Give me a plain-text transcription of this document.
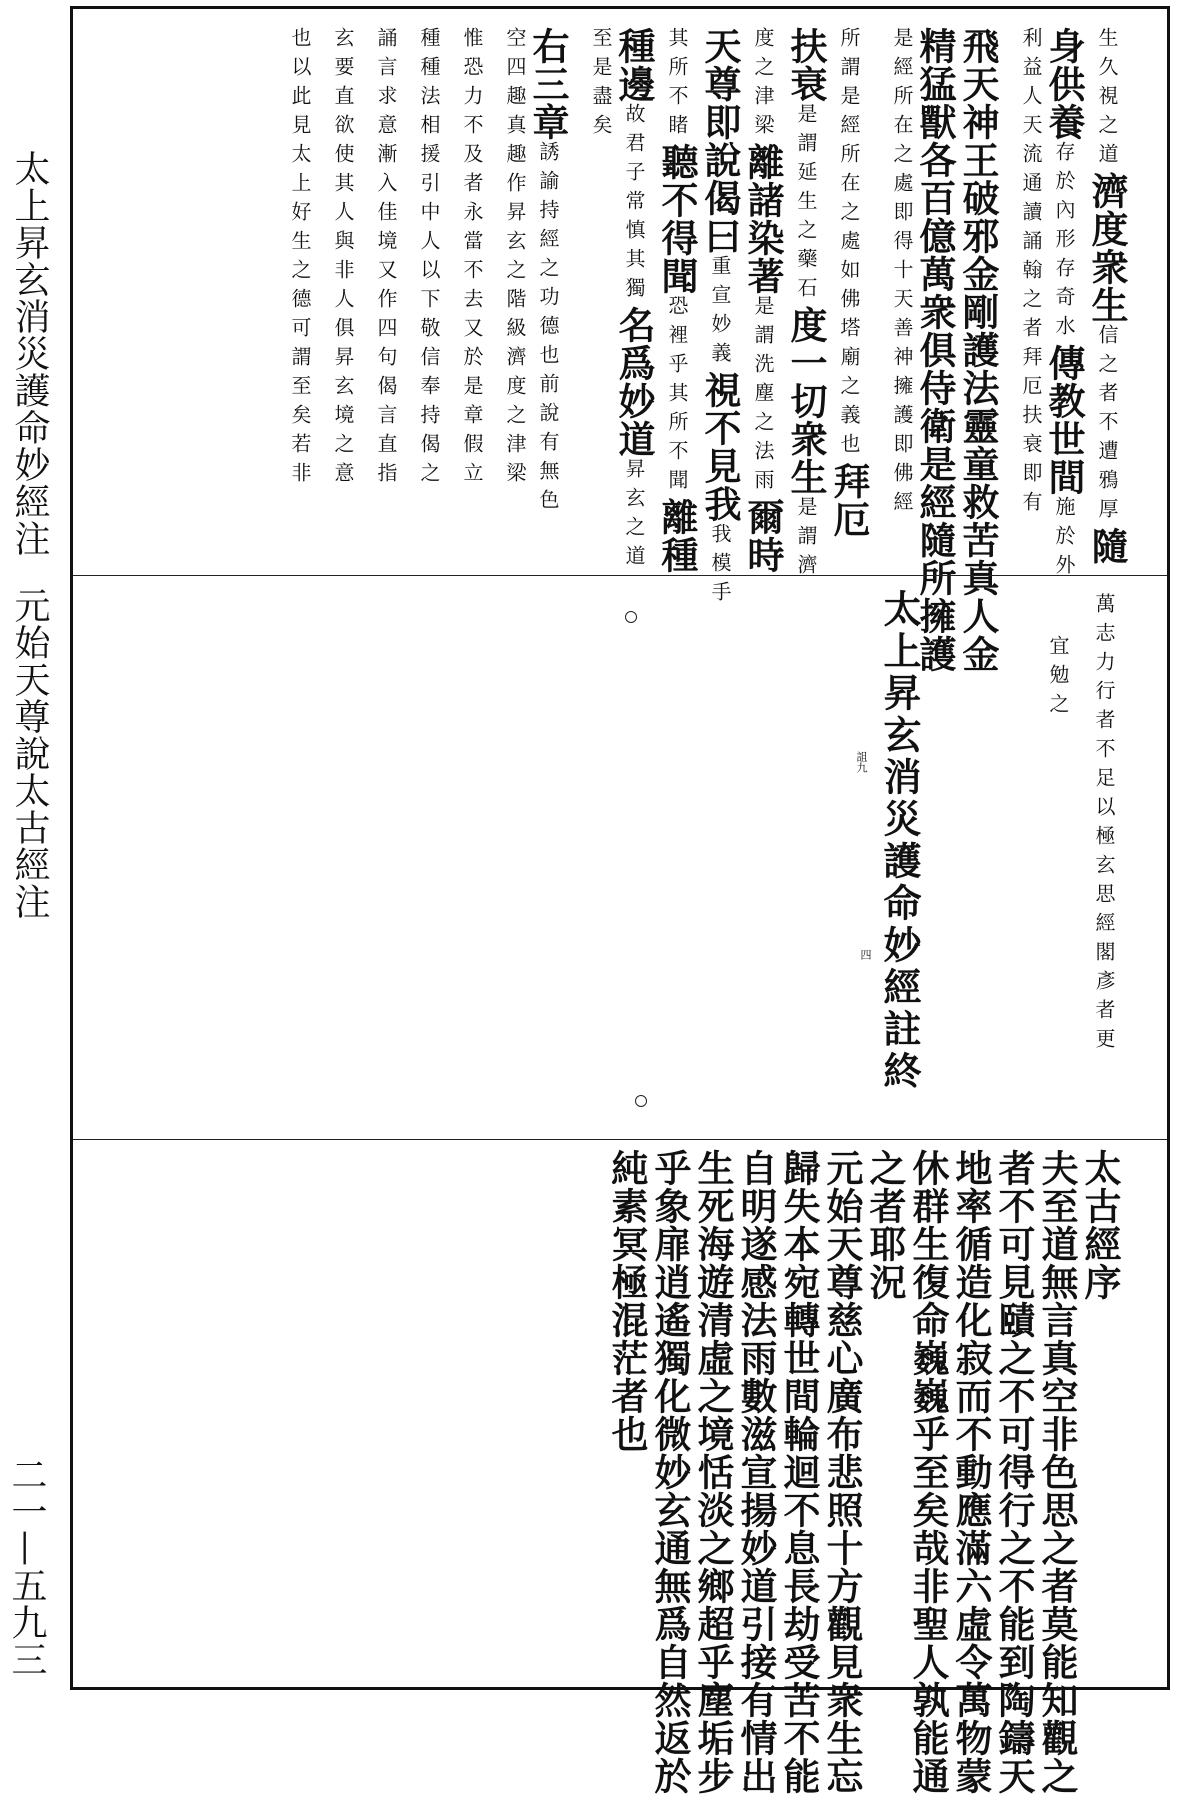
太上昇玄消災護命妙經注元始天尊說太古經注
二一—五九三
生久視之道濟度衆生信之者不遭鴉厚隨
身供養存於內形存奇水傳教世間施於外
利益人天流通讀誦翰之者拜厄扶衰即有
飛天神王破邪金剛護法靈童救苦真人金
精猛獸各百億萬衆俱侍衛是經隨所擁護
是經所在之處即得十天善神擁護即佛經
所謂是經所在之處如佛塔廟之義也拜厄
扶衰是謂延生之藥石度一切衆生是謂濟
度之津梁離諸染著是謂洗塵之法雨爾時
天尊即說偈曰重宣妙義視不見我我模手
其所不睹聽不得聞恐裡乎其所不聞離種
種邊故君子常慎其獨名爲妙道昇玄之道
至是盡矣
右三章誘諭持經之功德也前說有無色
空四趣真趣作昇玄之階級濟度之津梁
惟恐力不及者永當不去又於是章假立
種種法相援引中人以下敬信奉持偈之
誦言求意漸入佳境又作四句偈言直指
玄要直欲使其人與非人俱昇玄境之意
也以此見太上好生之德可謂至矣若非
萬志力行者不足以極玄思經閣彥者更
宜勉之
太上昇玄消災護命妙經註終
詛九
四
太古經序
夫至道無言真空非色思之者莫能知觀之
者不可見賾之不可得行之不能到陶鑄天
地率循造化寂而不動應滿六虛令萬物蒙
休群生復命巍巍乎至矣哉非聖人孰能通
之者耶況
元始天尊慈心廣布悲照十方觀見衆生忘
歸失本宛轉世間輪迴不息長劫受苦不能
自明遂感法雨數滋宣揚妙道引接有情出
生死海遊清虛之境恬淡之鄉超乎塵垢步
乎象扉逍遙獨化微妙玄通無爲自然返於
純素冥極混茫者也
